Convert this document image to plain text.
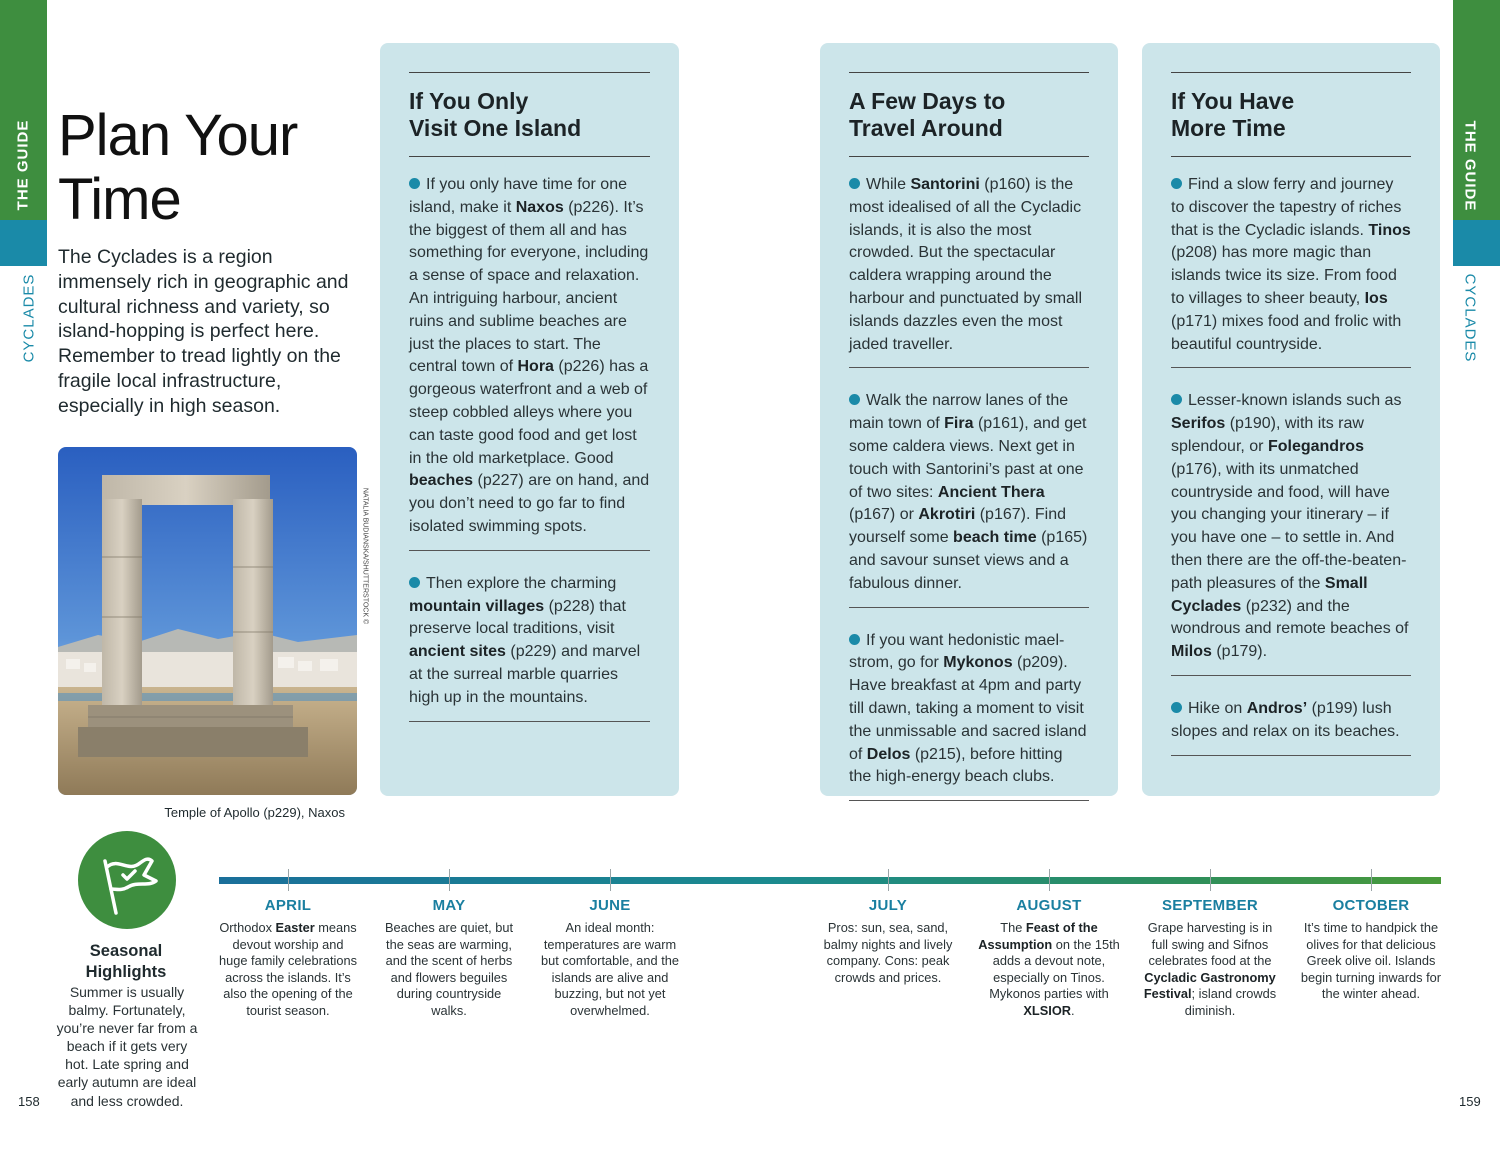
THE GUIDE
CYCLADES
THE GUIDE
CYCLADES
158	159
Plan Your
Time

The Cyclades is a region immensely rich in geographic and cultural richness and variety, so island-hopping is perfect here. Remember to tread lightly on the fragile local infrastructure, especially in high season.

NATALIA BUDIANSKA/SHUTTERSTOCK ©

Temple of Apollo (p229), Naxos

If You Only
Visit One Island

If you only have time for one island, make it Naxos (p226). It’s the biggest of them all and has something for everyone, including a sense of space and relaxation. An intriguing harbour, ancient ruins and sublime beaches are just the places to start. The central town of Hora (p226) has a gorgeous waterfront and a web of steep cobbled alleys where you can taste good food and get lost in the old marketplace. Good beaches (p227) are on hand, and you don’t need to go far to find isolated swimming spots.

Then explore the charming mountain villages (p228) that preserve local traditions, visit ancient sites (p229) and marvel at the surreal marble quarries high up in the mountains.

A Few Days to
Travel Around

While Santorini (p160) is the most idealised of all the Cycladic islands, it is also the most crowded. But the spectacular caldera wrapping around the harbour and punctuated by small islands dazzles even the most jaded traveller.

Walk the narrow lanes of the main town of Fira (p161), and get some caldera views. Next get in touch with Santorini’s past at one of two sites: Ancient Thera (p167) or Akrotiri (p167). Find yourself some beach time (p165) and savour sunset views and a fabulous dinner.

If you want hedonistic mael-strom, go for Mykonos (p209). Have breakfast at 4pm and party till dawn, taking a moment to visit the unmissable and sacred island of Delos (p215), before hitting the high-energy beach clubs.

If You Have
More Time

Find a slow ferry and journey to discover the tapestry of riches that is the Cycladic islands. Tinos (p208) has more magic than islands twice its size. From food to villages to sheer beauty, Ios (p171) mixes food and frolic with beautiful countryside.

Lesser-known islands such as Serifos (p190), with its raw splendour, or Folegandros (p176), with its unmatched countryside and food, will have you changing your itinerary – if you have one – to settle in. And then there are the off-the-beaten-path pleasures of the Small Cyclades (p232) and the wondrous and remote beaches of Milos (p179).

Hike on Andros’ (p199) lush slopes and relax on its beaches.

Seasonal
Highlights

Summer is usually balmy. Fortunately, you’re never far from a beach if it gets very hot. Late spring and early autumn are ideal and less crowded.

APRIL
Orthodox Easter means devout worship and huge family celebrations across the islands. It’s also the opening of the tourist season.
MAY
Beaches are quiet, but the seas are warming, and the scent of herbs and flowers beguiles during countryside walks.
JUNE
An ideal month: temperatures are warm but comfortable, and the islands are alive and buzzing, but not yet overwhelmed.
JULY
Pros: sun, sea, sand, balmy nights and lively company. Cons: peak crowds and prices.
AUGUST
The Feast of the Assumption on the 15th adds a devout note, especially on Tinos. Mykonos parties with XLSIOR.
SEPTEMBER
Grape harvesting is in full swing and Sifnos celebrates food at the Cycladic Gastronomy Festival; island crowds diminish.
OCTOBER
It’s time to handpick the olives for that delicious Greek olive oil. Islands begin turning inwards for the winter ahead.
